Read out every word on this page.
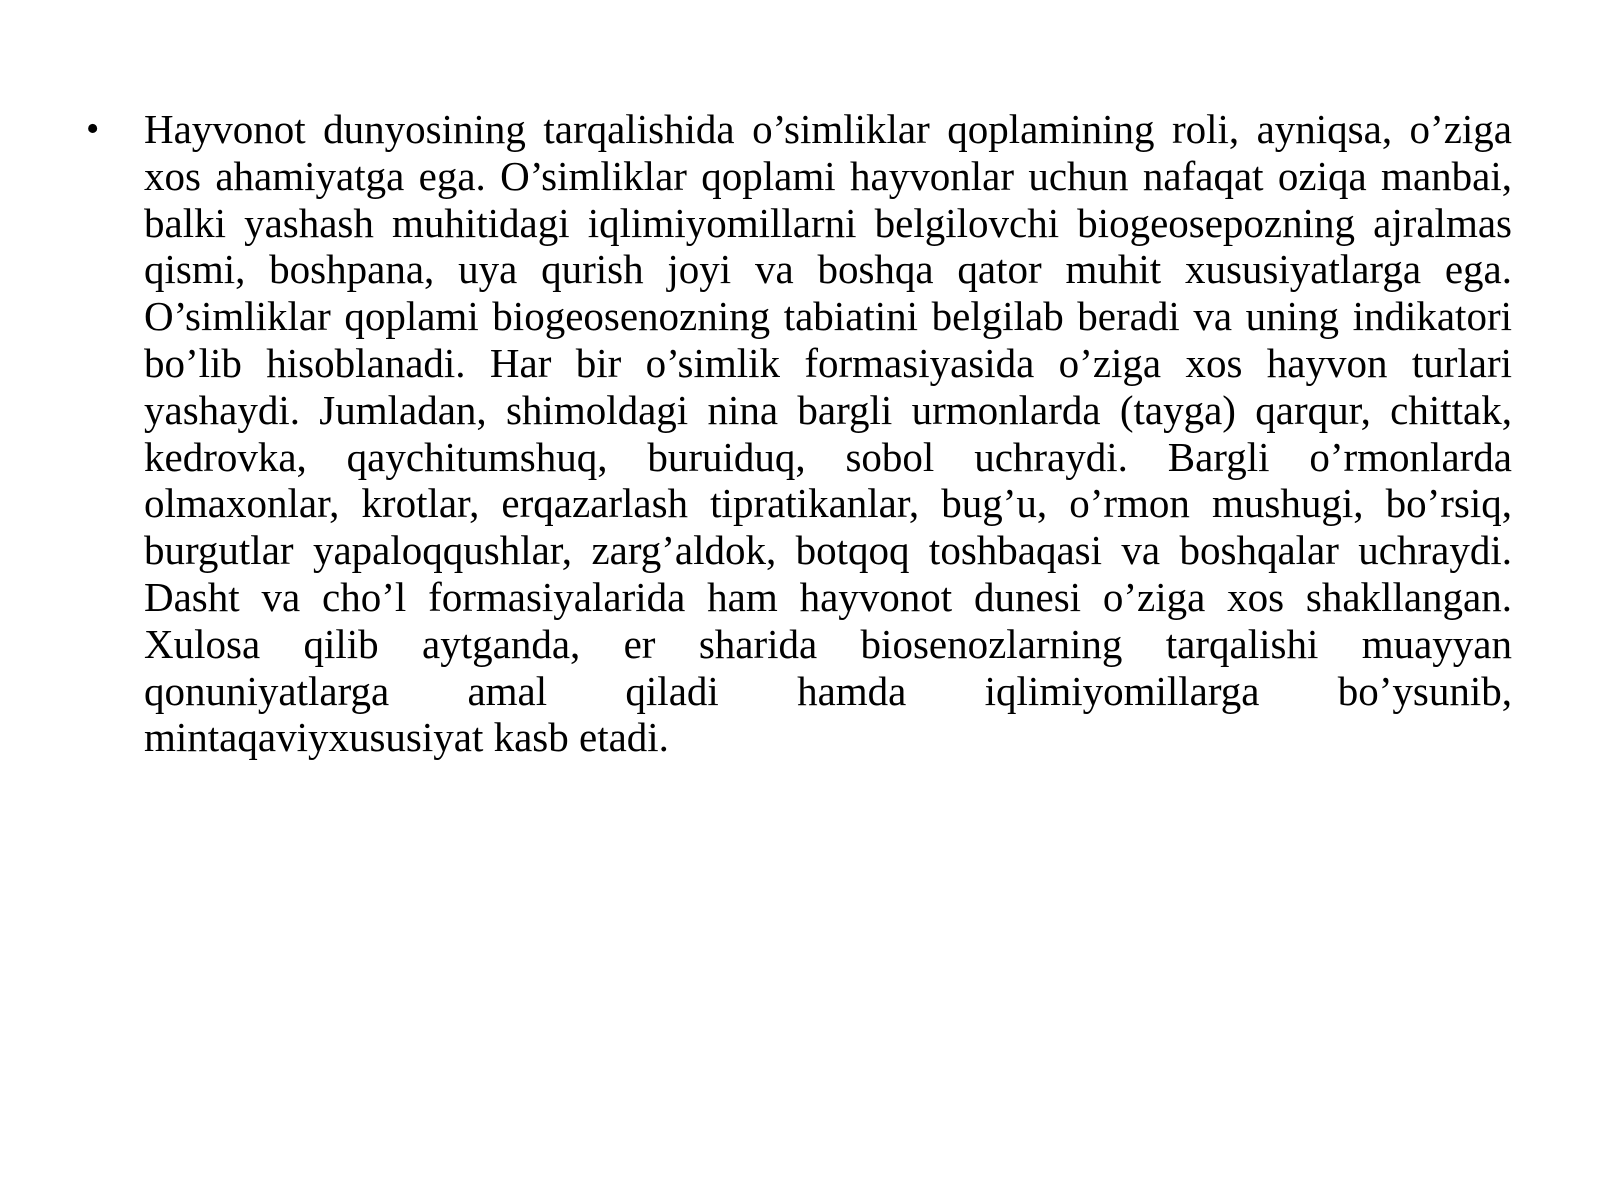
•	Hayvonot dunyosining tarqalishida o’simliklar qoplamining roli, ayniqsa, o’ziga xos ahamiyatga ega. O’simliklar qoplami hayvonlar uchun nafaqat oziqa manbai, balki yashash muhitidagi iqlimiyomillarni belgilovchi biogeosepozning ajralmas qismi, boshpana, uya qurish joyi va boshqa qator muhit xususiyatlarga ega. O’simliklar qoplami biogeosenozning tabiatini belgilab beradi va uning indikatori bo’lib hisoblanadi. Har bir o’simlik formasiyasida o’ziga xos hayvon turlari yashaydi. Jumladan, shimoldagi nina bargli urmonlarda (tayga) qarqur, chittak, kedrovka, qaychitumshuq, buruiduq, sobol uchraydi. Bargli o’rmonlarda olmaxonlar, krotlar, erqazarlash tipratikanlar, bug’u, o’rmon mushugi, bo’rsiq, burgutlar yapaloqqushlar, zarg’aldok, botqoq toshbaqasi va boshqalar uchraydi. Dasht va cho’l formasiyalarida ham hayvonot dunesi o’ziga xos shakllangan. Xulosa qilib aytganda, er sharida biosenozlarning tarqalishi muayyan qonuniyatlarga amal qiladi hamda iqlimiyomillarga bo’ysunib, mintaqaviyxususiyat kasb etadi.
